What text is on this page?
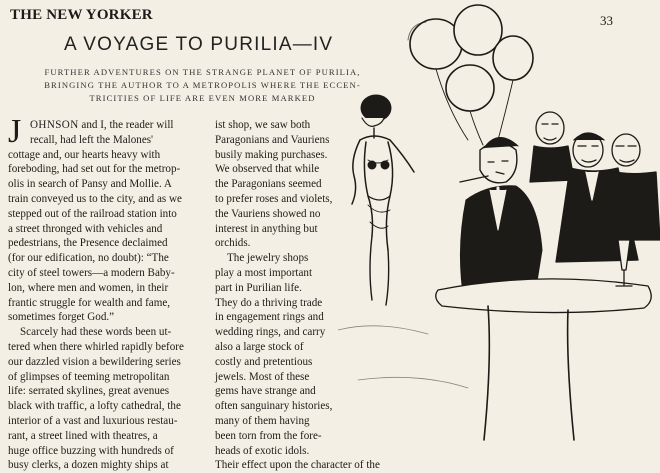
THE NEW YORKER	33
A VOYAGE TO PURILIA—IV
FURTHER ADVENTURES ON THE STRANGE PLANET OF PURILIA,
BRINGING THE AUTHOR TO A METROPOLIS WHERE THE ECCEN-
TRICITIES OF LIFE ARE EVEN MORE MARKED
J OHNSON and I, the reader will
recall, had left the Malones'
cottage and, our hearts heavy with
foreboding, had set out for the metrop-
olis in search of Pansy and Mollie. A
train conveyed us to the city, and as we
stepped out of the railroad station into
a street thronged with vehicles and
pedestrians, the Presence declaimed
(for our edification, no doubt): “The
city of steel towers—a modern Baby-
lon, where men and women, in their
frantic struggle for wealth and fame,
sometimes forget God.”
Scarcely had these words been ut-
tered when there whirled rapidly before
our dazzled vision a bewildering series
of glimpses of teeming metropolitan
life: serrated skylines, great avenues
black with traffic, a lofty cathedral, the
interior of a vast and luxurious restau-
rant, a street lined with theatres, a
huge office buzzing with hundreds of
busy clerks, a dozen mighty ships at
ist shop, we saw both
Paragonians and Vauriens
busily making purchases.
We observed that while
the Paragonians seemed
to prefer roses and violets,
the Vauriens showed no
interest in anything but
orchids.
The jewelry shops
play a most important
part in Purilian life.
They do a thriving trade
in engagement rings and
wedding rings, and carry
also a large stock of
costly and pretentious
jewels. Most of these
gems have strange and
often sanguinary histories,
many of them having
been torn from the fore-
heads of exotic idols.
Their effect upon the character of the
